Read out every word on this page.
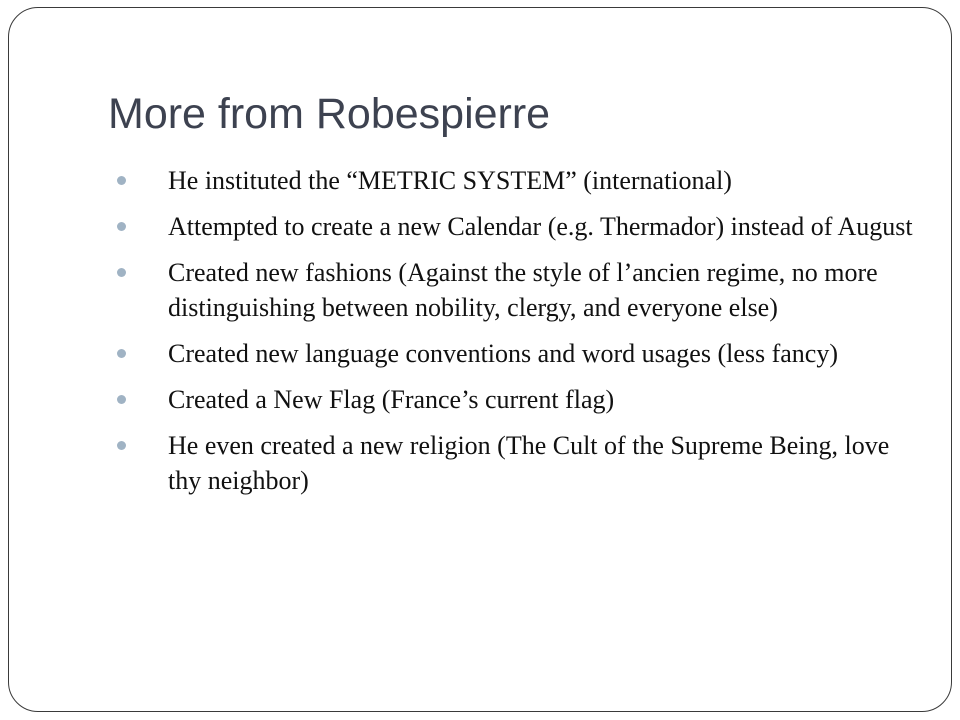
More from Robespierre
He instituted the “METRIC SYSTEM” (international)
Attempted to create a new Calendar (e.g. Thermador) instead of August
Created new fashions (Against the style of l’ancien regime, no more distinguishing between nobility, clergy, and everyone else)
Created new language conventions and word usages (less fancy)
Created a New Flag (France’s current flag)
He even created a new religion (The Cult of the Supreme Being, love thy neighbor)
